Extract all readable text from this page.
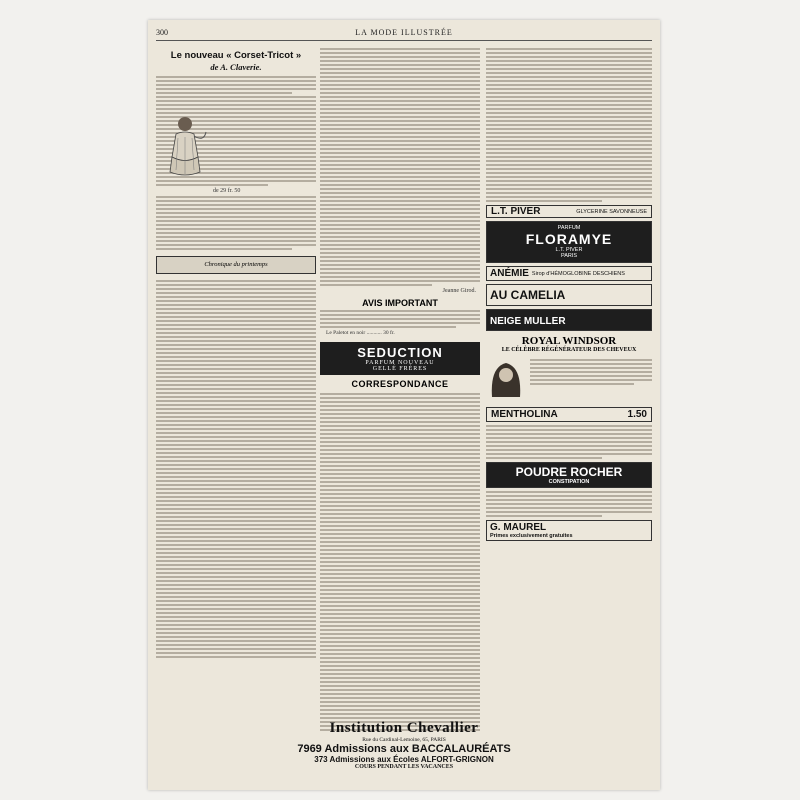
300	LA MODE ILLUSTRÉE
Le nouveau « Corset-Tricot »
de A. Claverie.
de 29 fr. 50
Chronique du printemps
Jeanne Girod.
AVIS IMPORTANT
Le Paletot en noir ........... 30 fr.
SEDUCTION
PARFUM NOUVEAU
GELLÉ FRÈRES
CORRESPONDANCE
L.T. PIVER	GLYCERINE SAVONNEUSE
PARFUM
FLORAMYE
L.T. PIVER
PARIS
ANÉMIE Sirop d'HÉMOGLOBINE DESCHIENS
AU CAMELIA
NEIGE MULLER
ROYAL WINDSOR
LE CÉLÈBRE RÉGÉNÉRATEUR DES CHEVEUX
MENTHOLINA	1.50
POUDRE ROCHER
CONSTIPATION
G. MAUREL
Primes exclusivement gratuites
Institution Chevallier
Rue du Cardinal-Lemoine, 65, PARIS
7969 Admissions aux BACCALAURÉATS
373 Admissions aux Écoles ALFORT-GRIGNON
COURS PENDANT LES VACANCES
